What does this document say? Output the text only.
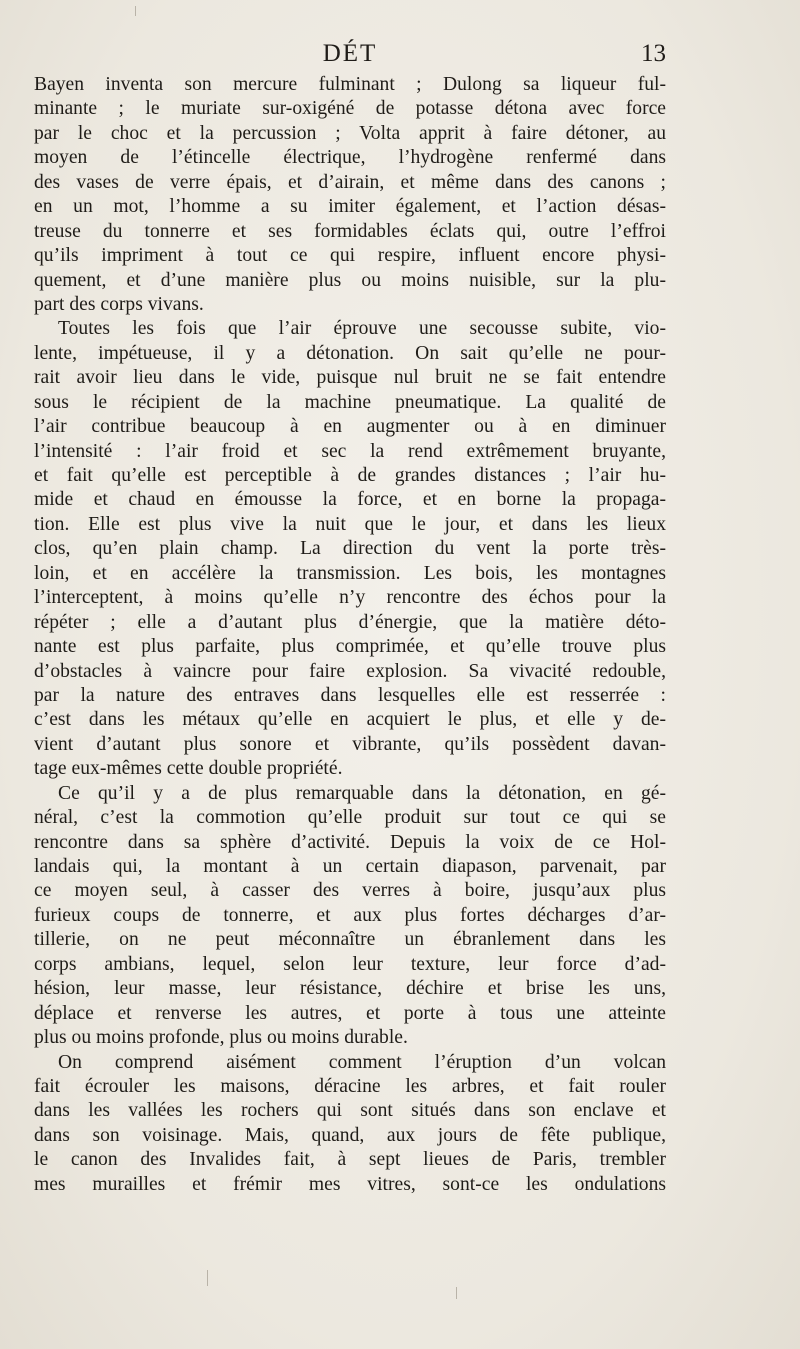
DÉT	13
Bayen inventa son mercure fulminant ; Dulong sa liqueur ful-
minante ; le muriate sur-oxigéné de potasse détona avec force
par le choc et la percussion ; Volta apprit à faire détoner, au
moyen de l’étincelle électrique, l’hydrogène renfermé dans
des vases de verre épais, et d’airain, et même dans des canons ;
en un mot, l’homme a su imiter également, et l’action désas-
treuse du tonnerre et ses formidables éclats qui, outre l’effroi
qu’ils impriment à tout ce qui respire, influent encore physi-
quement, et d’une manière plus ou moins nuisible, sur la plu-
part des corps vivans.
Toutes les fois que l’air éprouve une secousse subite, vio-
lente, impétueuse, il y a détonation. On sait qu’elle ne pour-
rait avoir lieu dans le vide, puisque nul bruit ne se fait entendre
sous le récipient de la machine pneumatique. La qualité de
l’air contribue beaucoup à en augmenter ou à en diminuer
l’intensité : l’air froid et sec la rend extrêmement bruyante,
et fait qu’elle est perceptible à de grandes distances ; l’air hu-
mide et chaud en émousse la force, et en borne la propaga-
tion. Elle est plus vive la nuit que le jour, et dans les lieux
clos, qu’en plain champ. La direction du vent la porte très-
loin, et en accélère la transmission. Les bois, les montagnes
l’interceptent, à moins qu’elle n’y rencontre des échos pour la
répéter ; elle a d’autant plus d’énergie, que la matière déto-
nante est plus parfaite, plus comprimée, et qu’elle trouve plus
d’obstacles à vaincre pour faire explosion. Sa vivacité redouble,
par la nature des entraves dans lesquelles elle est resserrée :
c’est dans les métaux qu’elle en acquiert le plus, et elle y de-
vient d’autant plus sonore et vibrante, qu’ils possèdent davan-
tage eux-mêmes cette double propriété.
Ce qu’il y a de plus remarquable dans la détonation, en gé-
néral, c’est la commotion qu’elle produit sur tout ce qui se
rencontre dans sa sphère d’activité. Depuis la voix de ce Hol-
landais qui, la montant à un certain diapason, parvenait, par
ce moyen seul, à casser des verres à boire, jusqu’aux plus
furieux coups de tonnerre, et aux plus fortes décharges d’ar-
tillerie, on ne peut méconnaître un ébranlement dans les
corps ambians, lequel, selon leur texture, leur force d’ad-
hésion, leur masse, leur résistance, déchire et brise les uns,
déplace et renverse les autres, et porte à tous une atteinte
plus ou moins profonde, plus ou moins durable.
On comprend aisément comment l’éruption d’un volcan
fait écrouler les maisons, déracine les arbres, et fait rouler
dans les vallées les rochers qui sont situés dans son enclave et
dans son voisinage. Mais, quand, aux jours de fête publique,
le canon des Invalides fait, à sept lieues de Paris, trembler
mes murailles et frémir mes vitres, sont-ce les ondulations
